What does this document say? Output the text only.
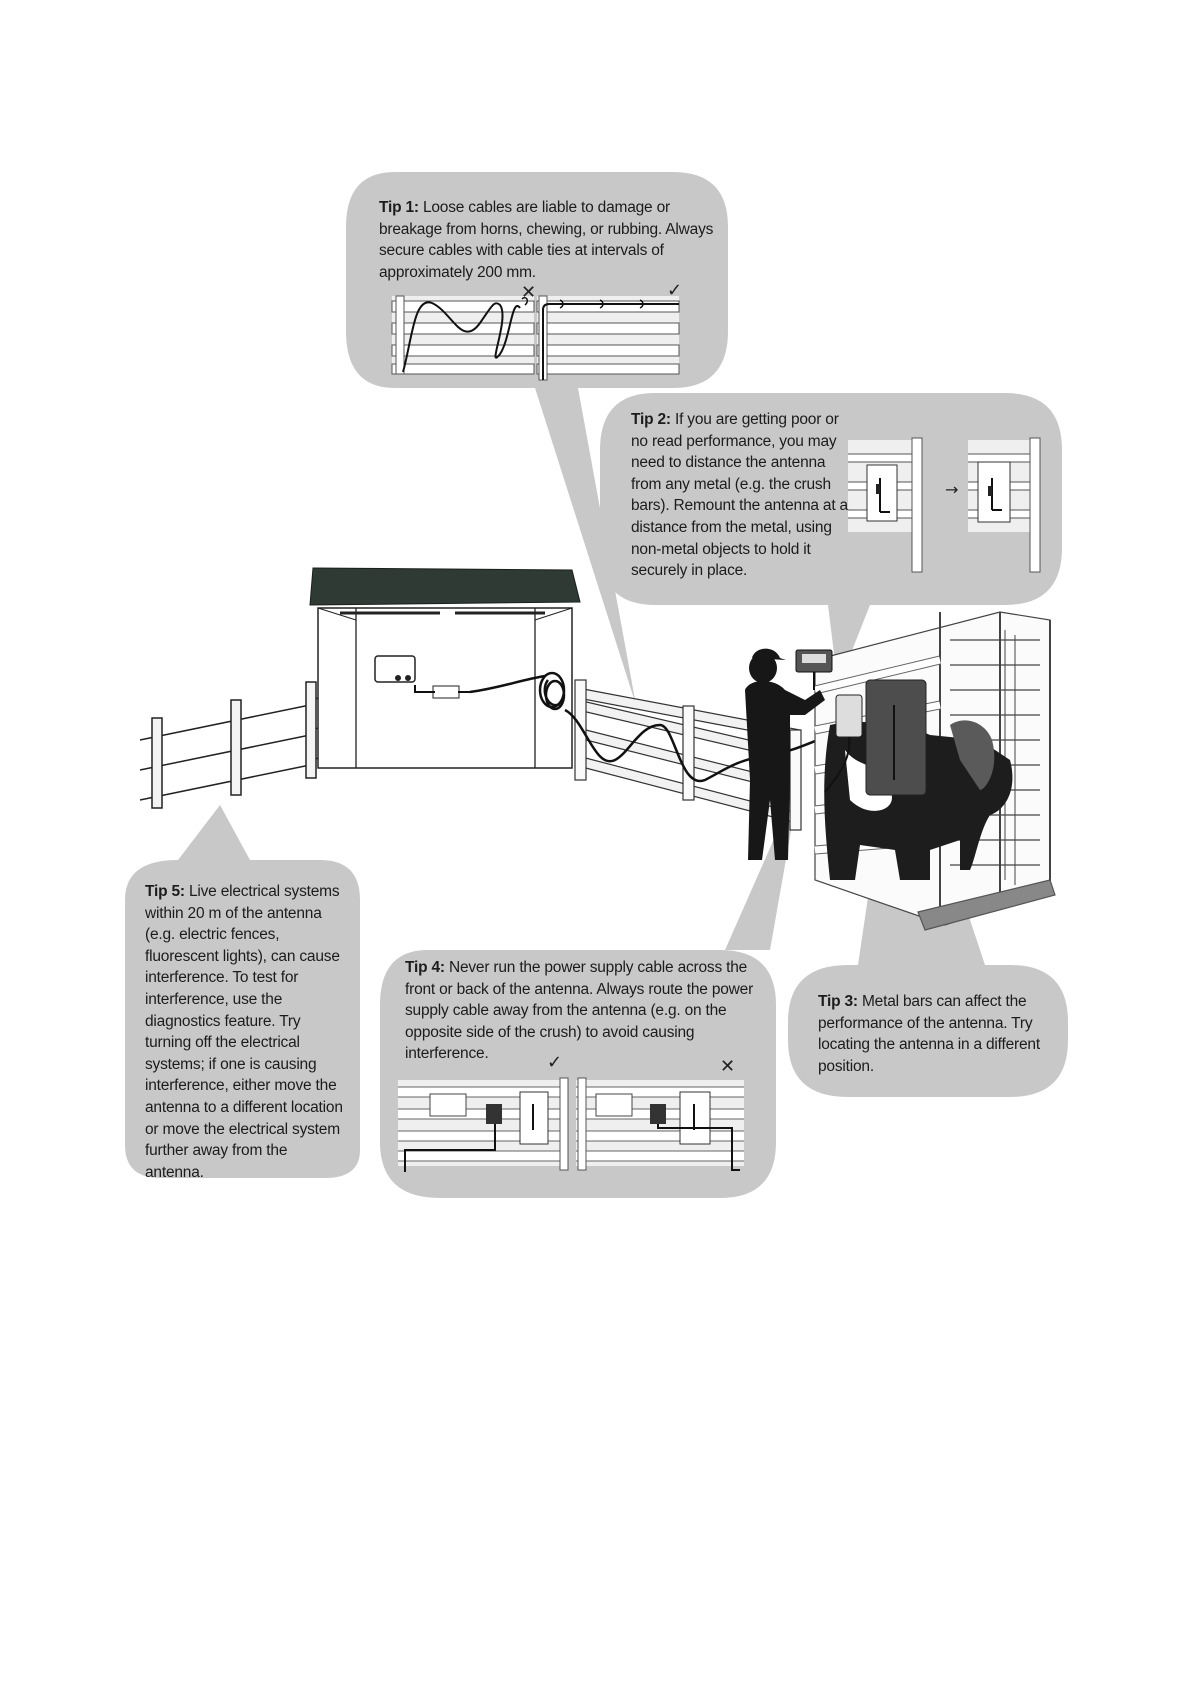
Tip 1: Loose cables are liable to damage or breakage from horns, chewing, or rubbing. Always secure cables with cable ties at intervals of approximately 200 mm.
Tip 2: If you are getting poor or no read performance, you may need to distance the antenna from any metal (e.g. the crush bars). Remount the antenna at a distance from the metal, using non-metal objects to hold it securely in place.
Tip 3: Metal bars can affect the performance of the antenna. Try locating the antenna in a different position.
Tip 4: Never run the power supply cable across the front or back of the antenna. Always route the power supply cable away from the antenna (e.g. on the opposite side of the crush) to avoid causing interference.
Tip 5: Live electrical systems within 20 m of the antenna (e.g. electric fences, fluorescent lights), can cause interference. To test for interference, use the diagnostics feature. Try turning off the electrical systems; if one is causing interference, either move the antenna to a different location or move the electrical system further away from the antenna.
✕	✓
→
✓	✕
